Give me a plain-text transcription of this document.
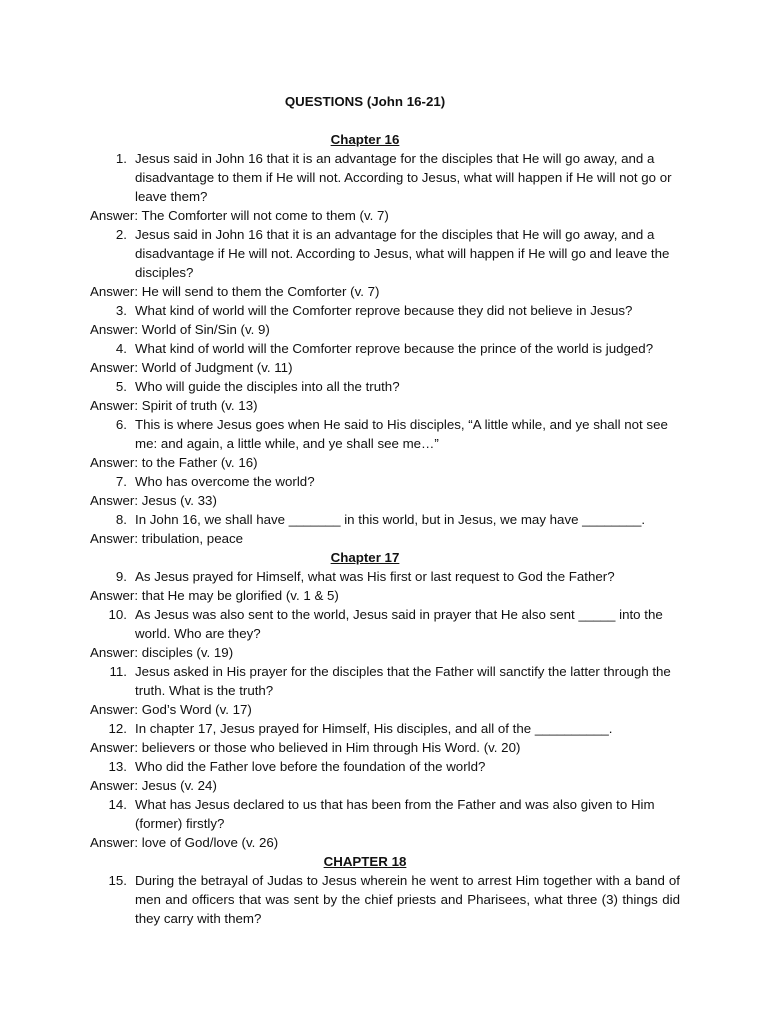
QUESTIONS (John 16-21)
Chapter 16
1. Jesus said in John 16 that it is an advantage for the disciples that He will go away, and a disadvantage to them if He will not. According to Jesus, what will happen if He will not go or leave them?
Answer: The Comforter will not come to them (v. 7)
2. Jesus said in John 16 that it is an advantage for the disciples that He will go away, and a disadvantage if He will not. According to Jesus, what will happen if He will go and leave the disciples?
Answer: He will send to them the Comforter (v. 7)
3. What kind of world will the Comforter reprove because they did not believe in Jesus?
Answer: World of Sin/Sin (v. 9)
4. What kind of world will the Comforter reprove because the prince of the world is judged?
Answer: World of Judgment (v. 11)
5. Who will guide the disciples into all the truth?
Answer: Spirit of truth (v. 13)
6. This is where Jesus goes when He said to His disciples, “A little while, and ye shall not see me: and again, a little while, and ye shall see me…”
Answer: to the Father (v. 16)
7. Who has overcome the world?
Answer: Jesus (v. 33)
8. In John 16, we shall have _______ in this world, but in Jesus, we may have ________.
Answer: tribulation, peace
Chapter 17
9. As Jesus prayed for Himself, what was His first or last request to God the Father?
Answer: that He may be glorified (v. 1 & 5)
10. As Jesus was also sent to the world, Jesus said in prayer that He also sent _____ into the world. Who are they?
Answer: disciples (v. 19)
11. Jesus asked in His prayer for the disciples that the Father will sanctify the latter through the truth. What is the truth?
Answer: God’s Word (v. 17)
12. In chapter 17, Jesus prayed for Himself, His disciples, and all of the __________.
Answer: believers or those who believed in Him through His Word. (v. 20)
13. Who did the Father love before the foundation of the world?
Answer: Jesus (v. 24)
14. What has Jesus declared to us that has been from the Father and was also given to Him (former) firstly?
Answer: love of God/love (v. 26)
CHAPTER 18
15. During the betrayal of Judas to Jesus wherein he went to arrest Him together with a band of men and officers that was sent by the chief priests and Pharisees, what three (3) things did they carry with them?
